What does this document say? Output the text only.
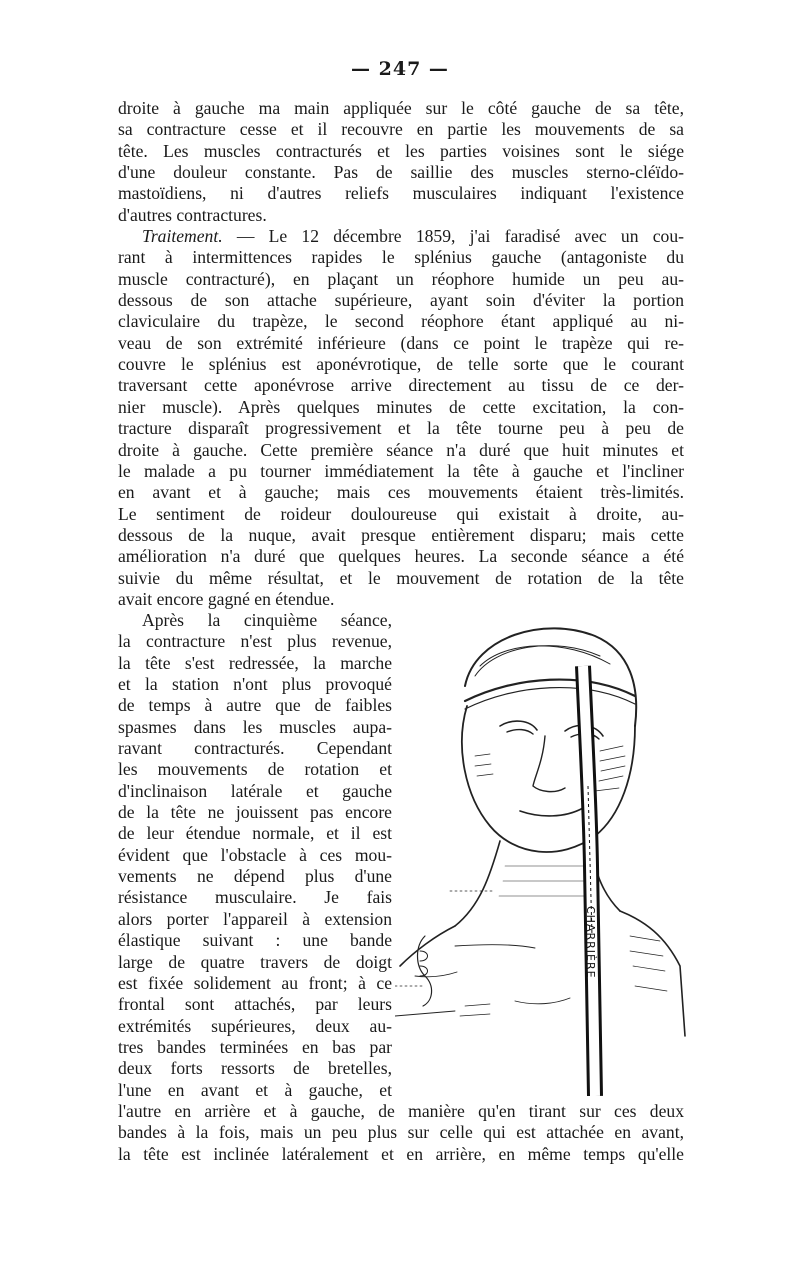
— 247 —
droite à gauche ma main appliquée sur le côté gauche de sa tête,
sa contracture cesse et il recouvre en partie les mouvements de sa
tête. Les muscles contracturés et les parties voisines sont le siége
d'une douleur constante. Pas de saillie des muscles sterno-cléïdo-
mastoïdiens, ni d'autres reliefs musculaires indiquant l'existence
d'autres contractures.
Traitement. — Le 12 décembre 1859, j'ai faradisé avec un cou-
rant à intermittences rapides le splénius gauche (antagoniste du
muscle contracturé), en plaçant un réophore humide un peu au-
dessous de son attache supérieure, ayant soin d'éviter la portion
claviculaire du trapèze, le second réophore étant appliqué au ni-
veau de son extrémité inférieure (dans ce point le trapèze qui re-
couvre le splénius est aponévrotique, de telle sorte que le courant
traversant cette aponévrose arrive directement au tissu de ce der-
nier muscle). Après quelques minutes de cette excitation, la con-
tracture disparaît progressivement et la tête tourne peu à peu de
droite à gauche. Cette première séance n'a duré que huit minutes et
le malade a pu tourner immédiatement la tête à gauche et l'incliner
en avant et à gauche; mais ces mouvements étaient très-limités.
Le sentiment de roideur douloureuse qui existait à droite, au-
dessous de la nuque, avait presque entièrement disparu; mais cette
amélioration n'a duré que quelques heures. La seconde séance a été
suivie du même résultat, et le mouvement de rotation de la tête
avait encore gagné en étendue.
Après la cinquième séance,
la contracture n'est plus revenue,
la tête s'est redressée, la marche
et la station n'ont plus provoqué
de temps à autre que de faibles
spasmes dans les muscles aupa-
ravant contracturés. Cependant
les mouvements de rotation et
d'inclinaison latérale et gauche
de la tête ne jouissent pas encore
de leur étendue normale, et il est
évident que l'obstacle à ces mou-
vements ne dépend plus d'une
résistance musculaire. Je fais
alors porter l'appareil à extension
élastique suivant : une bande
large de quatre travers de doigt
est fixée solidement au front; à ce
frontal sont attachés, par leurs
extrémités supérieures, deux au-
tres bandes terminées en bas par
deux forts ressorts de bretelles,
l'une en avant et à gauche, et
CHARRIÈRE
l'autre en arrière et à gauche, de manière qu'en tirant sur ces deux
bandes à la fois, mais un peu plus sur celle qui est attachée en avant,
la tête est inclinée latéralement et en arrière, en même temps qu'elle
